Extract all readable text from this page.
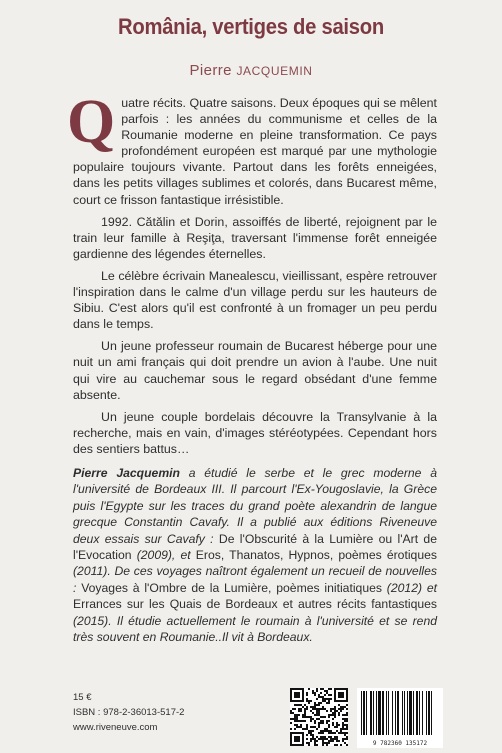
România, vertiges de saison
Pierre JACQUEMIN

Quatre récits. Quatre saisons. Deux époques qui se mêlent parfois : les années du communisme et celles de la Roumanie moderne en pleine transformation. Ce pays profondément européen est marqué par une mythologie populaire toujours vivante. Partout dans les forêts enneigées, dans les petits villages sublimes et colorés, dans Bucarest même, court ce frisson fantastique irrésistible.

1992. Cătălin et Dorin, assoiffés de liberté, rejoignent par le train leur famille à Reşiţa, traversant l'immense forêt enneigée gardienne des légendes éternelles.

Le célèbre écrivain Manealescu, vieillissant, espère retrouver l'inspiration dans le calme d'un village perdu sur les hauteurs de Sibiu. C'est alors qu'il est confronté à un fromager un peu perdu dans le temps.

Un jeune professeur roumain de Bucarest héberge pour une nuit un ami français qui doit prendre un avion à l'aube. Une nuit qui vire au cauchemar sous le regard obsédant d'une femme absente.

Un jeune couple bordelais découvre la Transylvanie à la recherche, mais en vain, d'images stéréotypées. Cependant hors des sentiers battus…

Pierre Jacquemin a étudié le serbe et le grec moderne à l'université de Bordeaux III. Il parcourt l'Ex-Yougoslavie, la Grèce puis l'Egypte sur les traces du grand poète alexandrin de langue grecque Constantin Cavafy. Il a publié aux éditions Riveneuve deux essais sur Cavafy : De l'Obscurité à la Lumière ou l'Art de l'Evocation (2009), et Eros, Thanatos, Hypnos, poèmes érotiques (2011). De ces voyages naîtront également un recueil de nouvelles : Voyages à l'Ombre de la Lumière, poèmes initiatiques (2012) et Errances sur les Quais de Bordeaux et autres récits fantastiques (2015). Il étudie actuellement le roumain à l'université et se rend très souvent en Roumanie..Il vit à Bordeaux.
15 €
ISBN : 978-2-36013-517-2
www.riveneuve.com
9 782360 135172
